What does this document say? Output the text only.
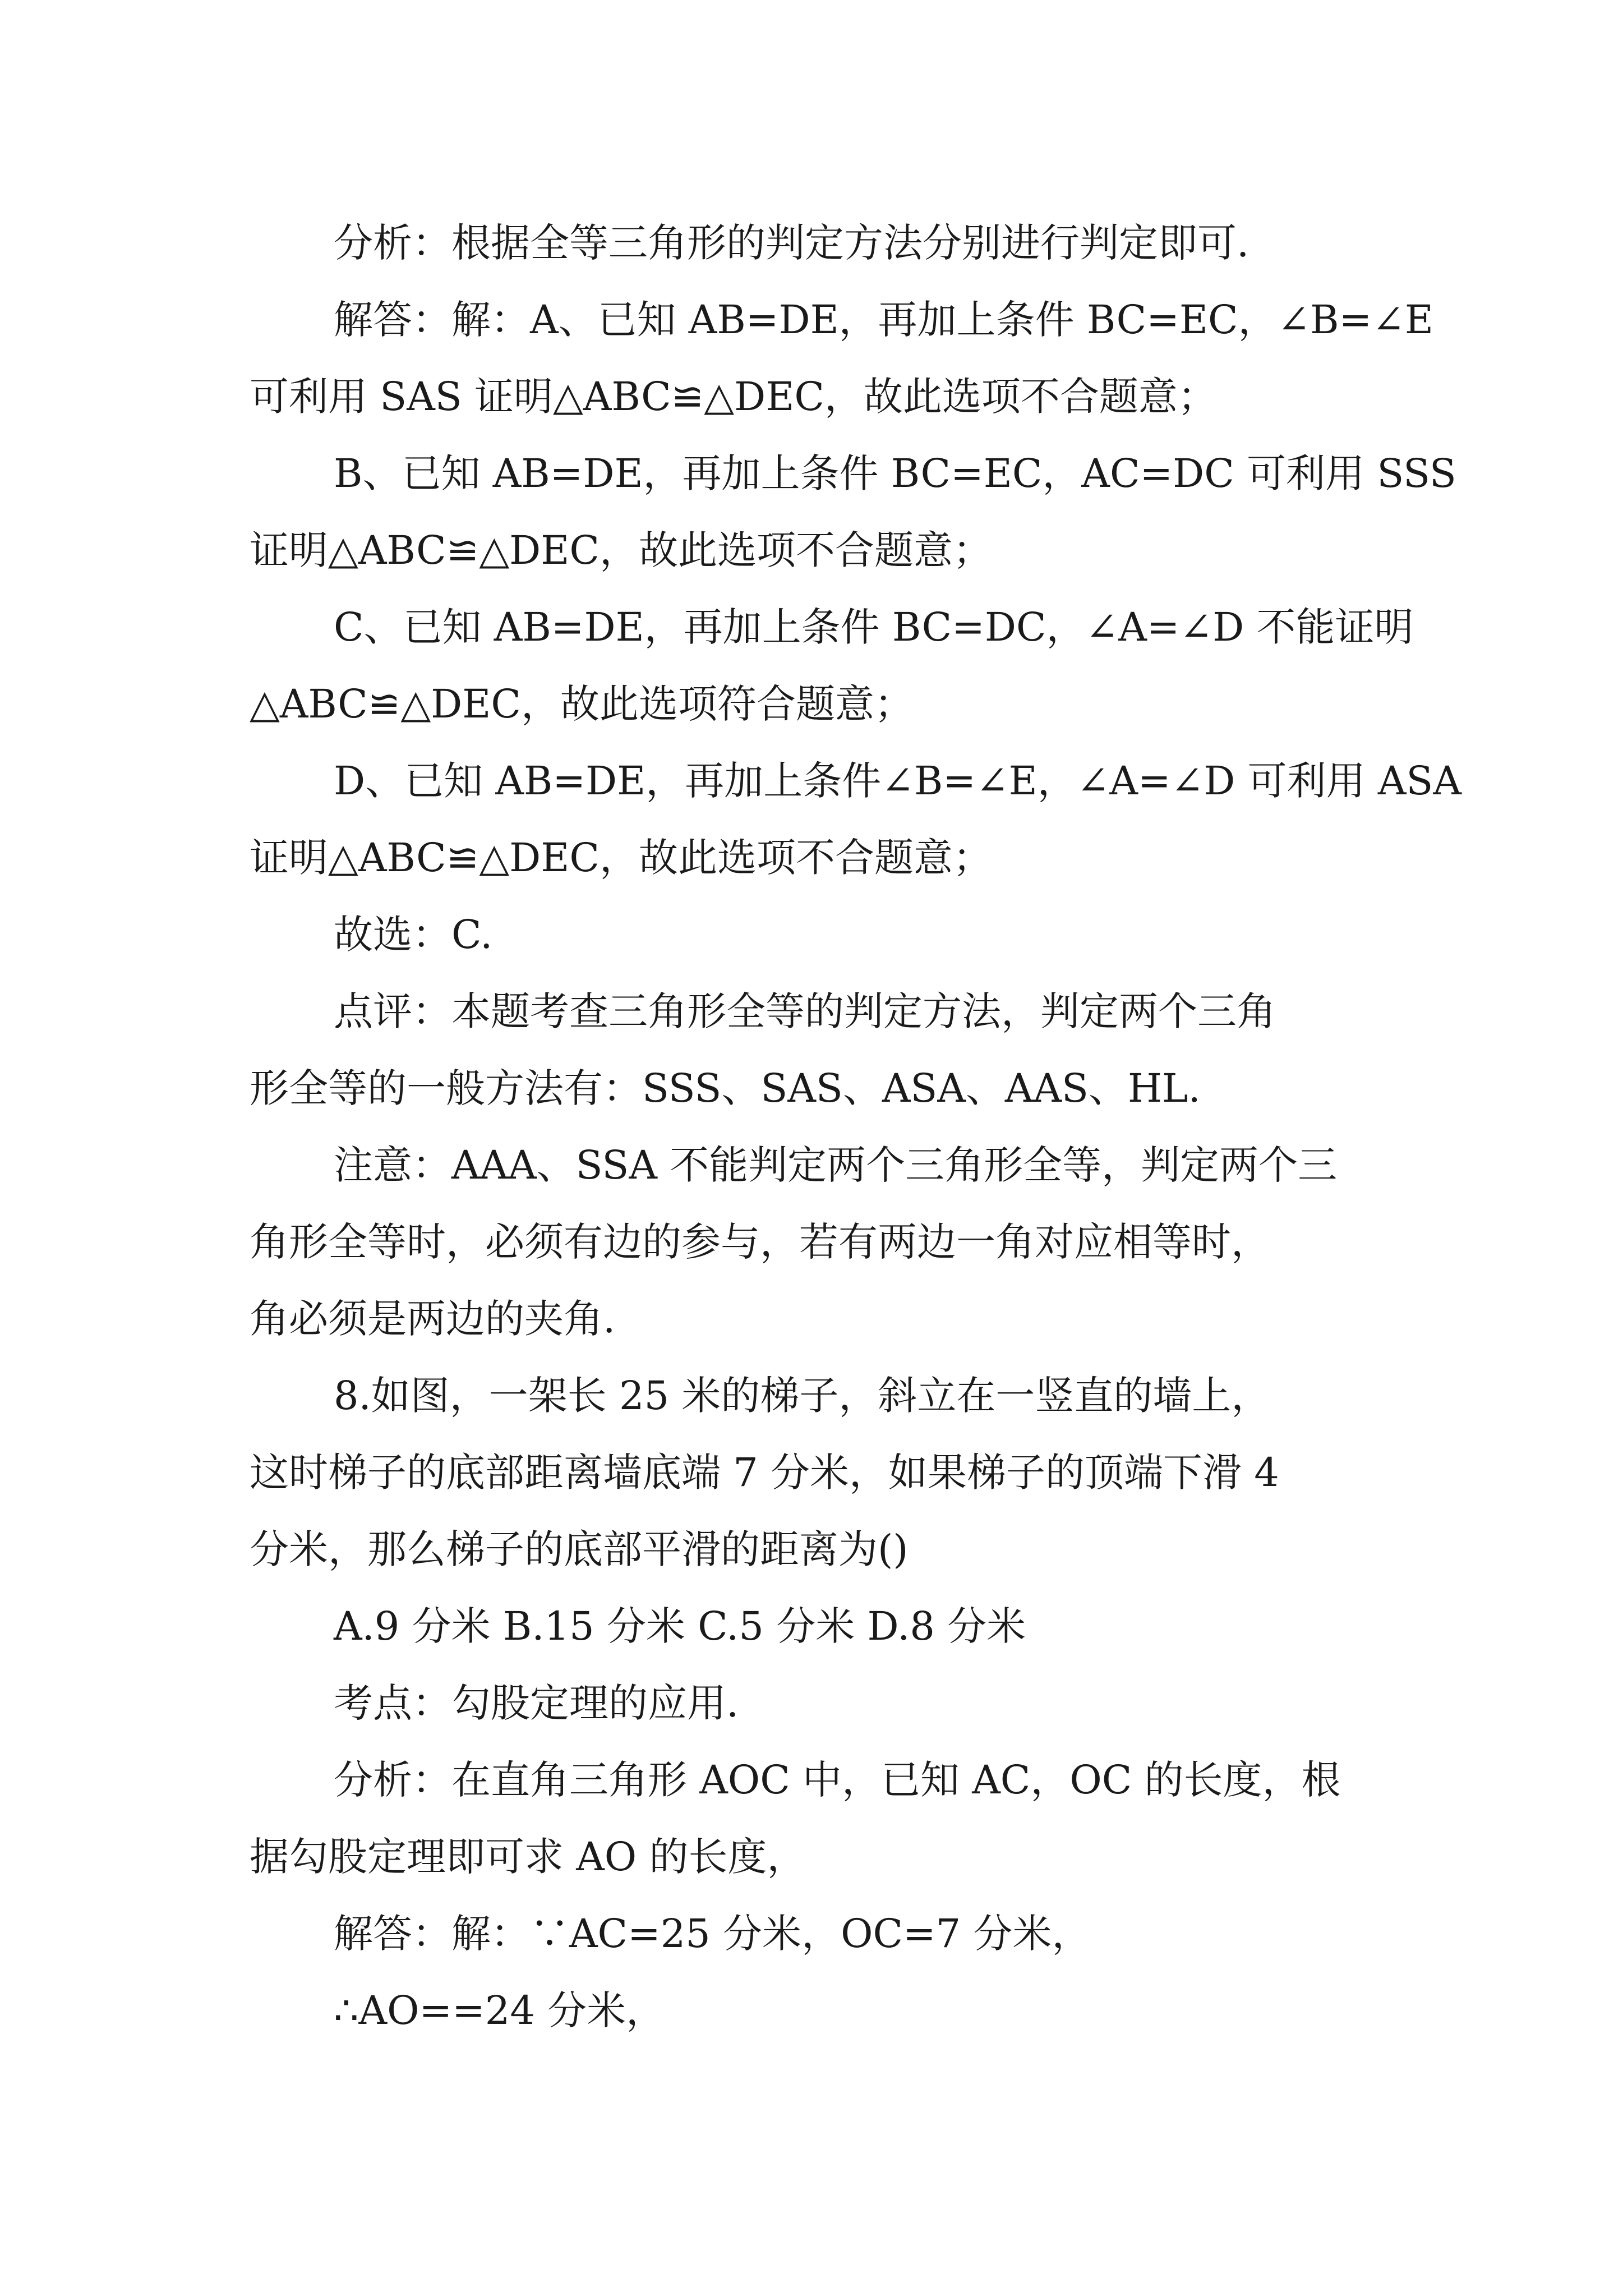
分析：根据全等三角形的判定方法分别进行判定即可.
解答：解：A、已知 AB=DE，再加上条件 BC=EC，∠B=∠E
可利用 SAS 证明△ABC≌△DEC，故此选项不合题意；
B、已知 AB=DE，再加上条件 BC=EC，AC=DC 可利用 SSS
证明△ABC≌△DEC，故此选项不合题意；
C、已知 AB=DE，再加上条件 BC=DC，∠A=∠D 不能证明
△ABC≌△DEC，故此选项符合题意；
D、已知 AB=DE，再加上条件∠B=∠E，∠A=∠D 可利用 ASA
证明△ABC≌△DEC，故此选项不合题意；
故选：C.
点评：本题考查三角形全等的判定方法，判定两个三角
形全等的一般方法有：SSS、SAS、ASA、AAS、HL.
注意：AAA、SSA 不能判定两个三角形全等，判定两个三
角形全等时，必须有边的参与，若有两边一角对应相等时，
角必须是两边的夹角.
8.如图，一架长 25 米的梯子，斜立在一竖直的墙上，
这时梯子的底部距离墙底端 7 分米，如果梯子的顶端下滑 4
分米，那么梯子的底部平滑的距离为()
A.9 分米 B.15 分米 C.5 分米 D.8 分米
考点：勾股定理的应用.
分析：在直角三角形 AOC 中，已知 AC，OC 的长度，根
据勾股定理即可求 AO 的长度，
解答：解：∵AC=25 分米，OC=7 分米，
∴AO==24 分米，
